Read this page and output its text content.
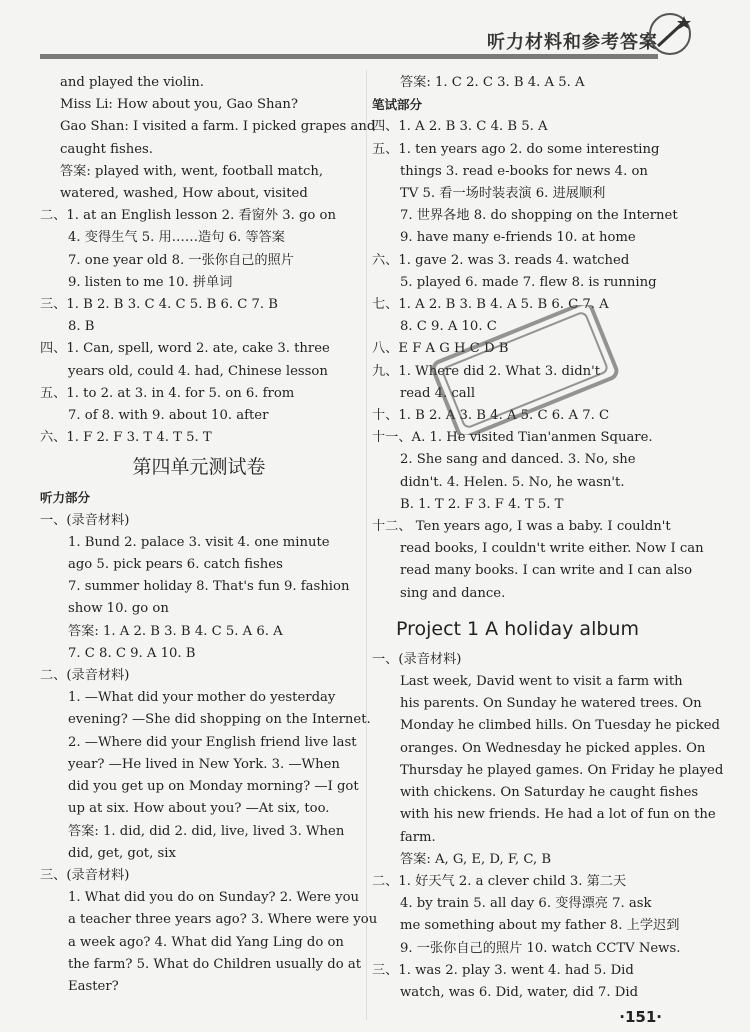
听力材料和参考答案
and played the violin.
Miss Li: How about you, Gao Shan?
Gao Shan: I visited a farm. I picked grapes and
caught fishes.
答案: played with, went, football match,
watered, washed, How about, visited
二、1. at an English lesson 2. 看窗外 3. go on
4. 变得生气 5. 用……造句 6. 等答案
7. one year old 8. 一张你自己的照片
9. listen to me 10. 拼单词
三、1. B 2. B 3. C 4. C 5. B 6. C 7. B
8. B
四、1. Can, spell, word 2. ate, cake 3. three
years old, could 4. had, Chinese lesson
五、1. to 2. at 3. in 4. for 5. on 6. from
7. of 8. with 9. about 10. after
六、1. F 2. F 3. T 4. T 5. T
第四单元测试卷
听力部分
一、(录音材料)
1. Bund 2. palace 3. visit 4. one minute
ago 5. pick pears 6. catch fishes
7. summer holiday 8. That's fun 9. fashion
show 10. go on
答案: 1. A 2. B 3. B 4. C 5. A 6. A
7. C 8. C 9. A 10. B
二、(录音材料)
1. —What did your mother do yesterday
evening? —She did shopping on the Internet.
2. —Where did your English friend live last
year? —He lived in New York. 3. —When
did you get up on Monday morning? —I got
up at six. How about you? —At six, too.
答案: 1. did, did 2. did, live, lived 3. When
did, get, got, six
三、(录音材料)
1. What did you do on Sunday? 2. Were you
a teacher three years ago? 3. Where were you
a week ago? 4. What did Yang Ling do on
the farm? 5. What do Children usually do at
Easter?
答案: 1. C 2. C 3. B 4. A 5. A
笔试部分
四、1. A 2. B 3. C 4. B 5. A
五、1. ten years ago 2. do some interesting
things 3. read e-books for news 4. on
TV 5. 看一场时装表演 6. 进展顺利
7. 世界各地 8. do shopping on the Internet
9. have many e-friends 10. at home
六、1. gave 2. was 3. reads 4. watched
5. played 6. made 7. flew 8. is running
七、1. A 2. B 3. B 4. A 5. B 6. C 7. A
8. C 9. A 10. C
八、E F A G H C D B
九、1. Where did 2. What 3. didn't
read 4. call
十、1. B 2. A 3. B 4. A 5. C 6. A 7. C
十一、A. 1. He visited Tian'anmen Square.
2. She sang and danced. 3. No, she
didn't. 4. Helen. 5. No, he wasn't.
B. 1. T 2. F 3. F 4. T 5. T
十二、 Ten years ago, I was a baby. I couldn't
read books, I couldn't write either. Now I can
read many books. I can write and I can also
sing and dance.
Project 1 A holiday album
一、(录音材料)
Last week, David went to visit a farm with
his parents. On Sunday he watered trees. On
Monday he climbed hills. On Tuesday he picked
oranges. On Wednesday he picked apples. On
Thursday he played games. On Friday he played
with chickens. On Saturday he caught fishes
with his new friends. He had a lot of fun on the
farm.
答案: A, G, E, D, F, C, B
二、1. 好天气 2. a clever child 3. 第二天
4. by train 5. all day 6. 变得漂亮 7. ask
me something about my father 8. 上学迟到
9. 一张你自己的照片 10. watch CCTV News.
三、1. was 2. play 3. went 4. had 5. Did
watch, was 6. Did, water, did 7. Did
·151·
